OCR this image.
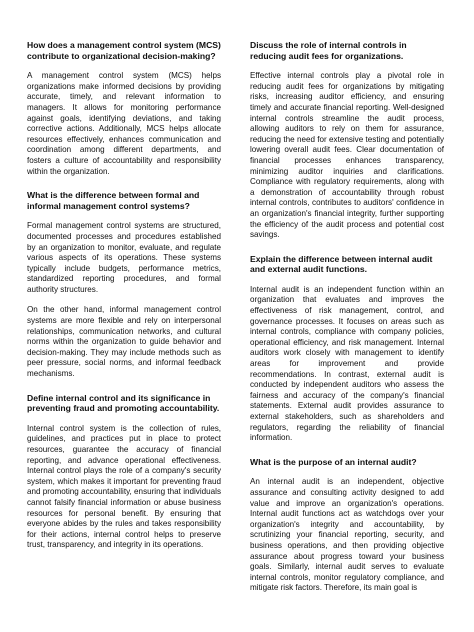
How does a management control system (MCS) contribute to organizational decision-making?

A management control system (MCS) helps organizations make informed decisions by providing accurate, timely, and relevant information to managers. It allows for monitoring performance against goals, identifying deviations, and taking corrective actions. Additionally, MCS helps allocate resources effectively, enhances communication and coordination among different departments, and fosters a culture of accountability and responsibility within the organization.

What is the difference between formal and informal management control systems?

Formal management control systems are structured, documented processes and procedures established by an organization to monitor, evaluate, and regulate various aspects of its operations. These systems typically include budgets, performance metrics, standardized reporting procedures, and formal authority structures.

On the other hand, informal management control systems are more flexible and rely on interpersonal relationships, communication networks, and cultural norms within the organization to guide behavior and decision-making. They may include methods such as peer pressure, social norms, and informal feedback mechanisms.

Define internal control and its significance in preventing fraud and promoting accountability.

Internal control system is the collection of rules, guidelines, and practices put in place to protect resources, guarantee the accuracy of financial reporting, and advance operational effectiveness. Internal control plays the role of a company's security system, which makes it important for preventing fraud and promoting accountability, ensuring that individuals cannot falsify financial information or abuse business resources for personal benefit. By ensuring that everyone abides by the rules and takes responsibility for their actions, internal control helps to preserve trust, transparency, and integrity in its operations.

Discuss the role of internal controls in reducing audit fees for organizations.

Effective internal controls play a pivotal role in reducing audit fees for organizations by mitigating risks, increasing auditor efficiency, and ensuring timely and accurate financial reporting. Well-designed internal controls streamline the audit process, allowing auditors to rely on them for assurance, reducing the need for extensive testing and potentially lowering overall audit fees. Clear documentation of financial processes enhances transparency, minimizing auditor inquiries and clarifications. Compliance with regulatory requirements, along with a demonstration of accountability through robust internal controls, contributes to auditors' confidence in an organization's financial integrity, further supporting the efficiency of the audit process and potential cost savings.

Explain the difference between internal audit and external audit functions.

Internal audit is an independent function within an organization that evaluates and improves the effectiveness of risk management, control, and governance processes. It focuses on areas such as internal controls, compliance with company policies, operational efficiency, and risk management. Internal auditors work closely with management to identify areas for improvement and provide recommendations. In contrast, external audit is conducted by independent auditors who assess the fairness and accuracy of the company's financial statements. External audit provides assurance to external stakeholders, such as shareholders and regulators, regarding the reliability of financial information.

What is the purpose of an internal audit?

An internal audit is an independent, objective assurance and consulting activity designed to add value and improve an organization's operations. Internal audit functions act as watchdogs over your organization's integrity and accountability, by scrutinizing your financial reporting, security, and business operations, and then providing objective assurance about progress toward your business goals. Similarly, internal audit serves to evaluate internal controls, monitor regulatory compliance, and mitigate risk factors. Therefore, its main goal is
